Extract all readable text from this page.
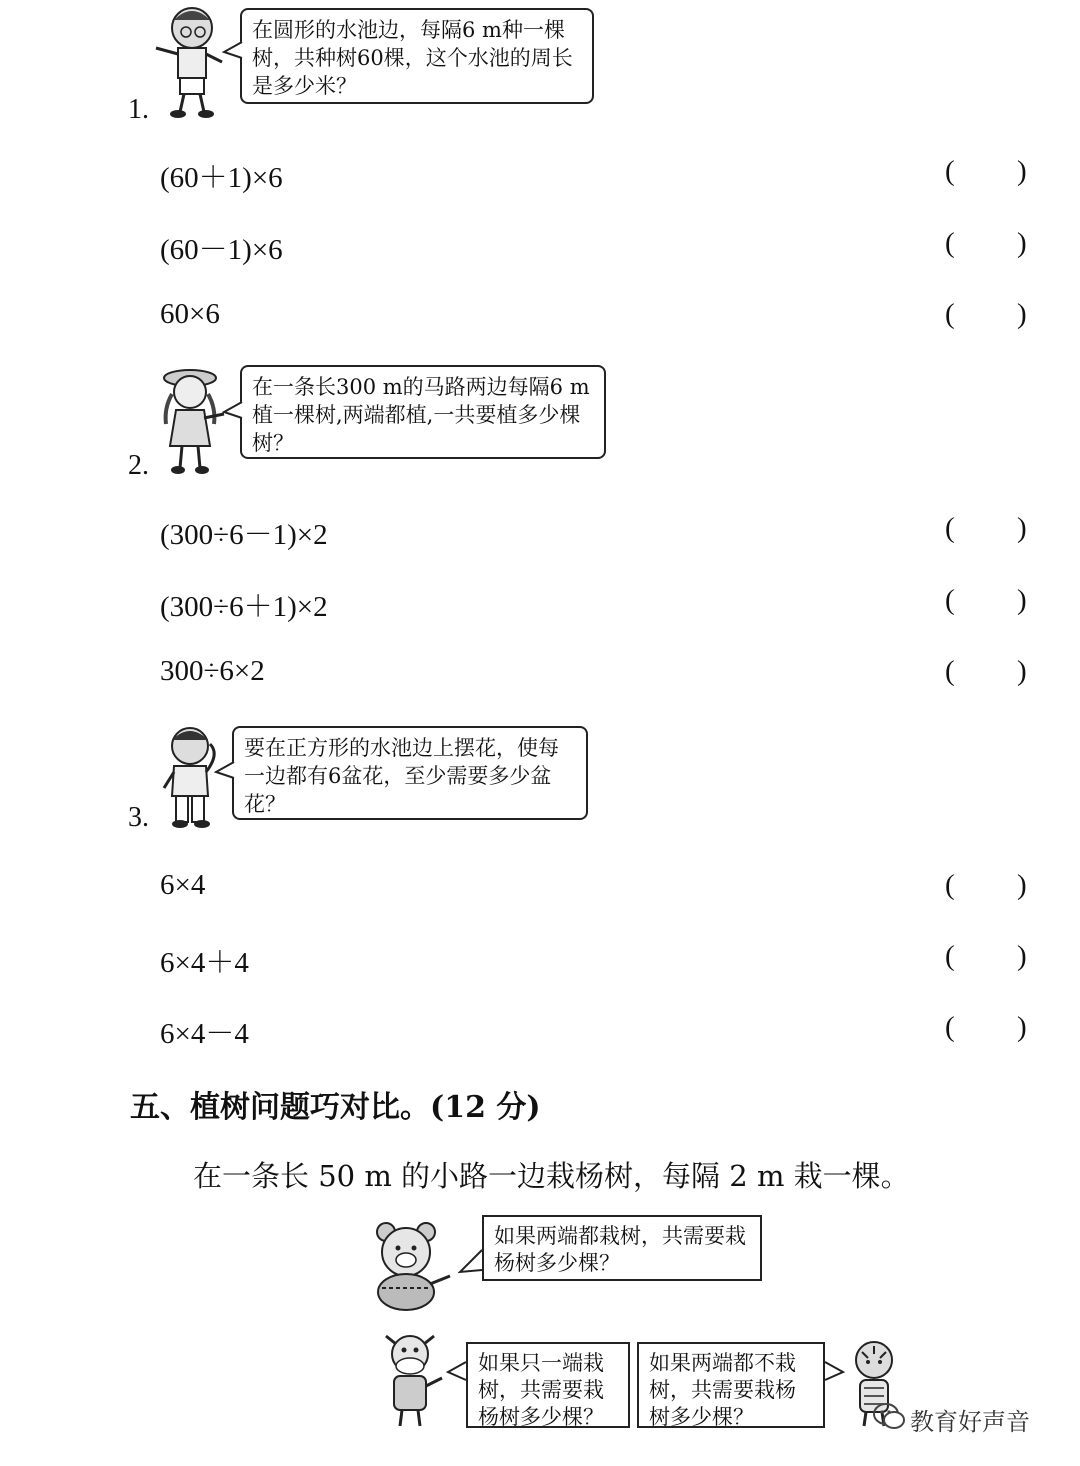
1.
在圆形的水池边，每隔6 m种一棵树，共种树60棵，这个水池的周长是多少米？
(60＋1)×6	( )
(60－1)×6	( )
60×6	( )
2.
在一条长300 m的马路两边每隔6 m植一棵树,两端都植,一共要植多少棵树？
(300÷6－1)×2	( )
(300÷6＋1)×2	( )
300÷6×2	( )
3.
要在正方形的水池边上摆花，使每一边都有6盆花，至少需要多少盆花？
6×4	( )
6×4＋4	( )
6×4－4	( )
五、植树问题巧对比。(12 分)
在一条长 50 m 的小路一边栽杨树，每隔 2 m 栽一棵。
如果两端都栽树，共需要栽杨树多少棵？
如果只一端栽树，共需要栽杨树多少棵？
如果两端都不栽树，共需要栽杨树多少棵？	教育好声音
